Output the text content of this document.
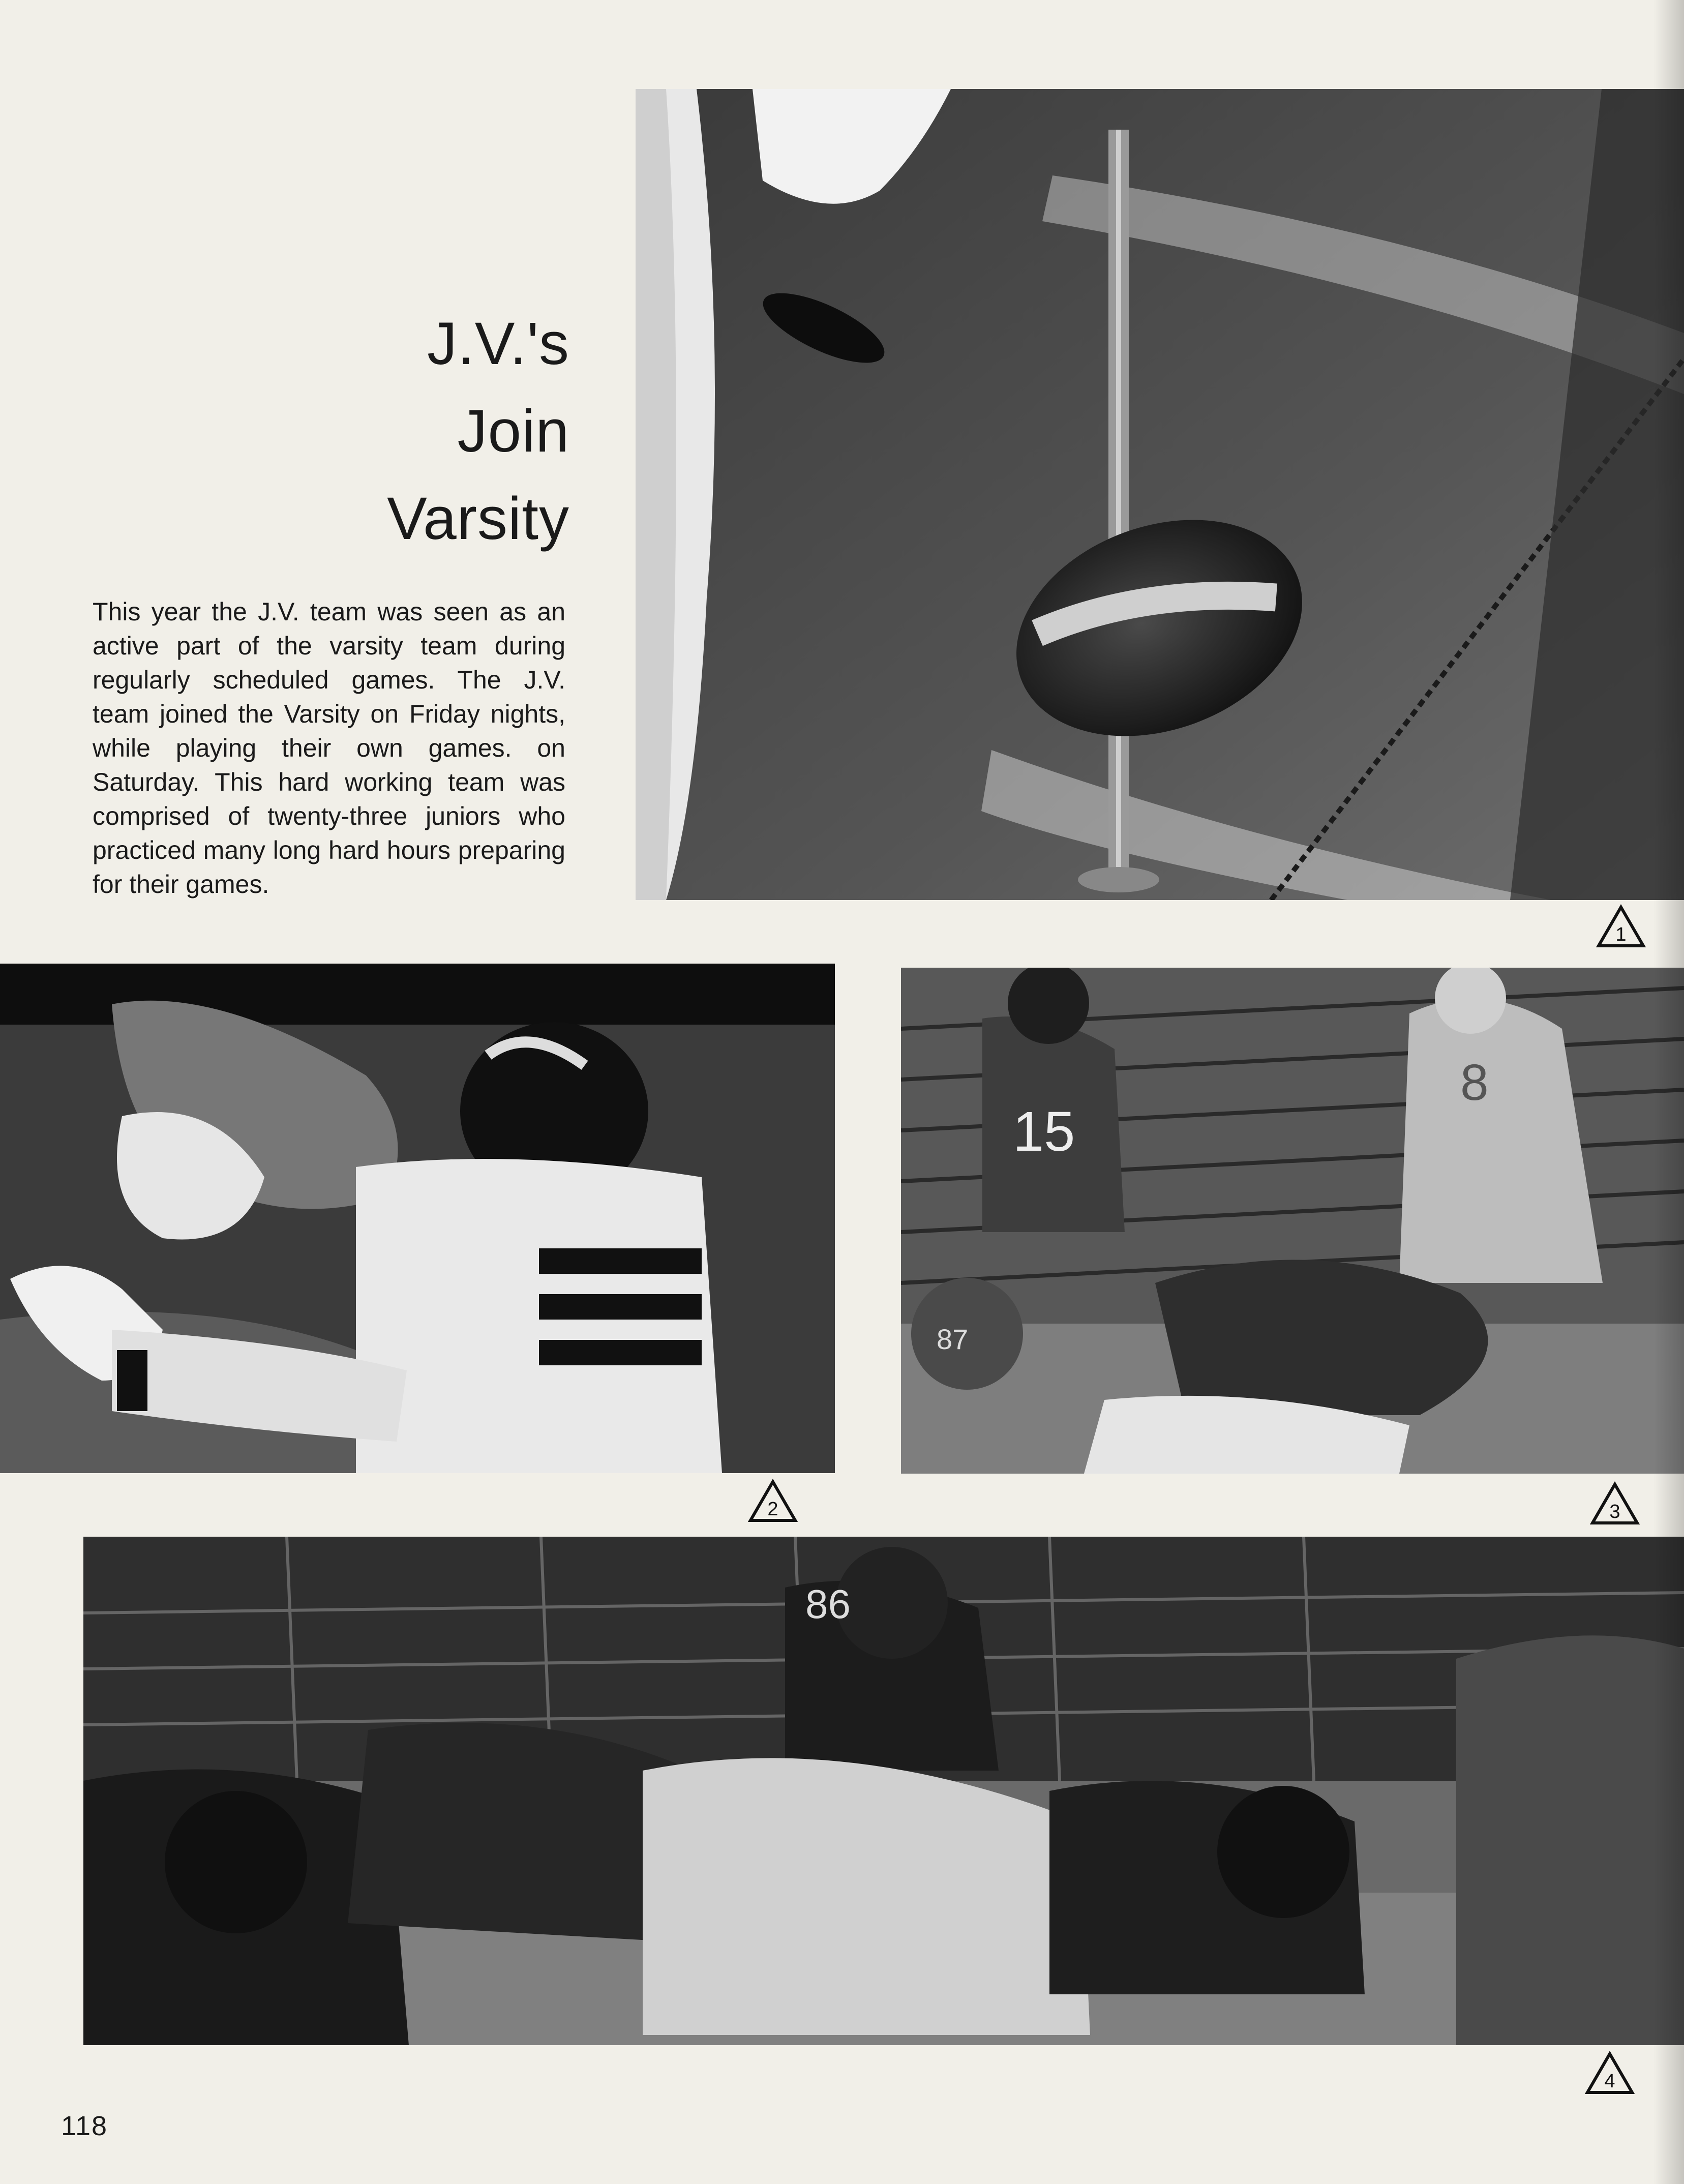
J.V.'s
Join
Varsity
This year the J.V. team was seen as an active part of the varsity team during regularly scheduled games. The J.V. team joined the Varsity on Friday nights, while playing their own games. on Saturday. This hard working team was comprised of twenty-three juniors who practiced many long hard hours preparing for their games.
1
2
15
8
87
3
86
4
118
